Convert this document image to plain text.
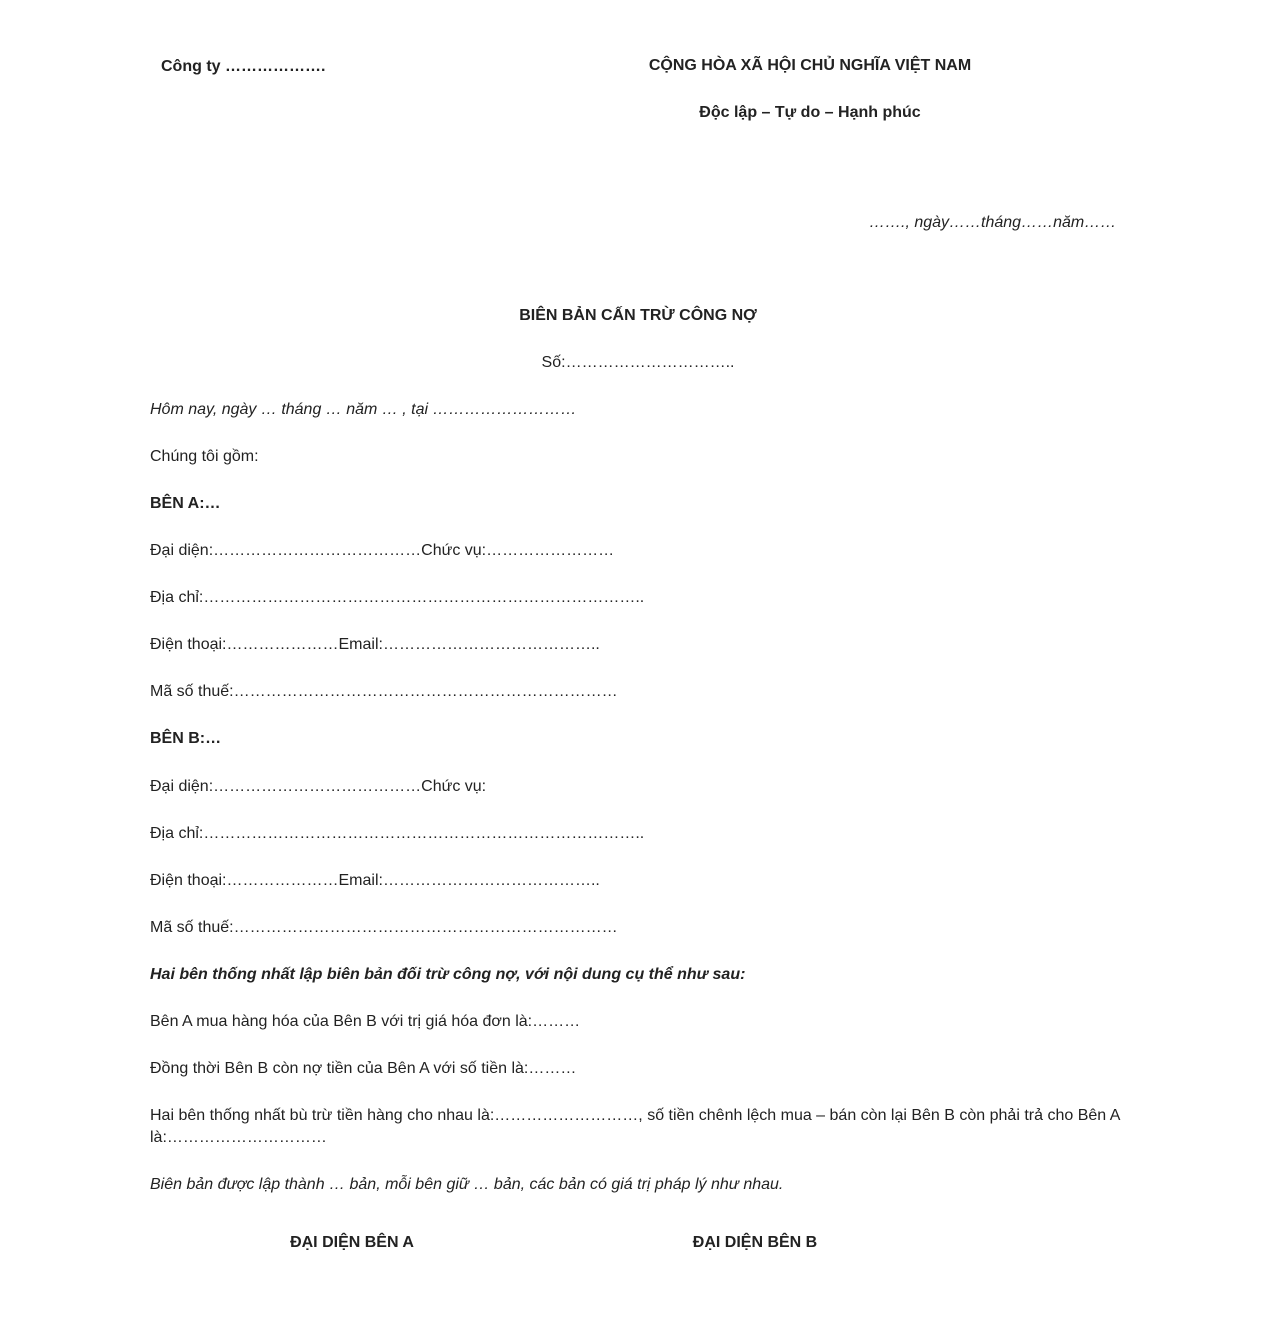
Công ty ……………….	CỘNG HÒA XÃ HỘI CHỦ NGHĨA VIỆT NAM
Độc lập – Tự do – Hạnh phúc
……., ngày……tháng……năm……
BIÊN BẢN CẤN TRỪ CÔNG NỢ
Số:…………………………..
Hôm nay, ngày … tháng … năm … , tại ………………………
Chúng tôi gồm:
BÊN A:…
Đại diện:…………………………………Chức vụ:……………………
Địa chỉ:………………………………………………………………………..
Điện thoại:…………………Email:…………………………………..
Mã số thuế:………………………………………………………………
BÊN B:…
Đại diện:…………………………………Chức vụ:
Địa chỉ:………………………………………………………………………..
Điện thoại:…………………Email:…………………………………..
Mã số thuế:………………………………………………………………
Hai bên thống nhất lập biên bản đối trừ công nợ, với nội dung cụ thể như sau:
Bên A mua hàng hóa của Bên B với trị giá hóa đơn là:………
Đồng thời Bên B còn nợ tiền của Bên A với số tiền là:………
Hai bên thống nhất bù trừ tiền hàng cho nhau là:………………………, số tiền chênh lệch mua – bán còn lại Bên B còn phải trả cho Bên A là:…………………………
Biên bản được lập thành … bản, mỗi bên giữ … bản, các bản có giá trị pháp lý như nhau.
ĐẠI DIỆN BÊN A	ĐẠI DIỆN BÊN B
